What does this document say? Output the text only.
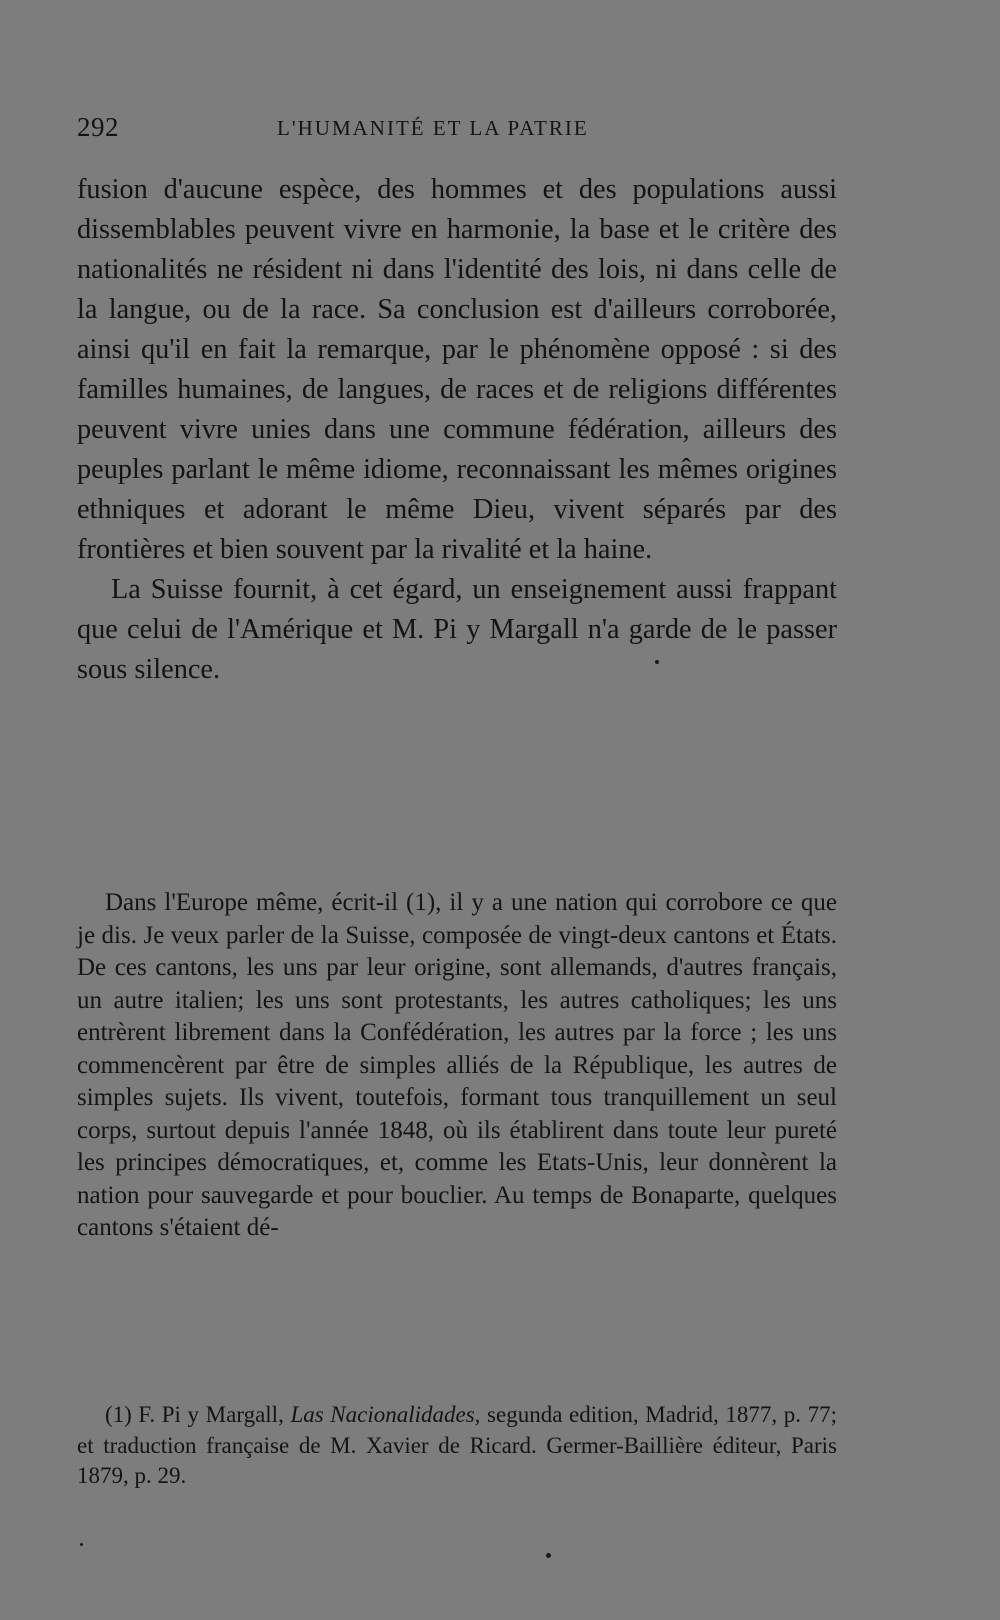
292	L'HUMANITÉ ET LA PATRIE

fusion d'aucune espèce, des hommes et des populations aussi dissemblables peuvent vivre en harmonie, la base et le critère des nationalités ne résident ni dans l'identité des lois, ni dans celle de la langue, ou de la race. Sa conclusion est d'ailleurs corroborée, ainsi qu'il en fait la remarque, par le phénomène opposé : si des familles humaines, de langues, de races et de religions différentes peuvent vivre unies dans une commune fédération, ailleurs des peuples parlant le même idiome, reconnaissant les mêmes origines ethniques et adorant le même Dieu, vivent séparés par des frontières et bien souvent par la rivalité et la haine.

La Suisse fournit, à cet égard, un enseignement aussi frappant que celui de l'Amérique et M. Pi y Margall n'a garde de le passer sous silence.

Dans l'Europe même, écrit-il (1), il y a une nation qui corrobore ce que je dis. Je veux parler de la Suisse, composée de vingt-deux cantons et États. De ces cantons, les uns par leur origine, sont allemands, d'autres français, un autre italien; les uns sont protestants, les autres catholiques; les uns entrèrent librement dans la Confédération, les autres par la force ; les uns commencèrent par être de simples alliés de la République, les autres de simples sujets. Ils vivent, toutefois, formant tous tranquillement un seul corps, surtout depuis l'année 1848, où ils établirent dans toute leur pureté les principes démocratiques, et, comme les Etats-Unis, leur donnèrent la nation pour sauvegarde et pour bouclier. Au temps de Bonaparte, quelques cantons s'étaient dé-

(1) F. Pi y Margall, Las Nacionalidades, segunda edition, Madrid, 1877, p. 77; et traduction française de M. Xavier de Ricard. Germer-Baillière éditeur, Paris 1879, p. 29.
